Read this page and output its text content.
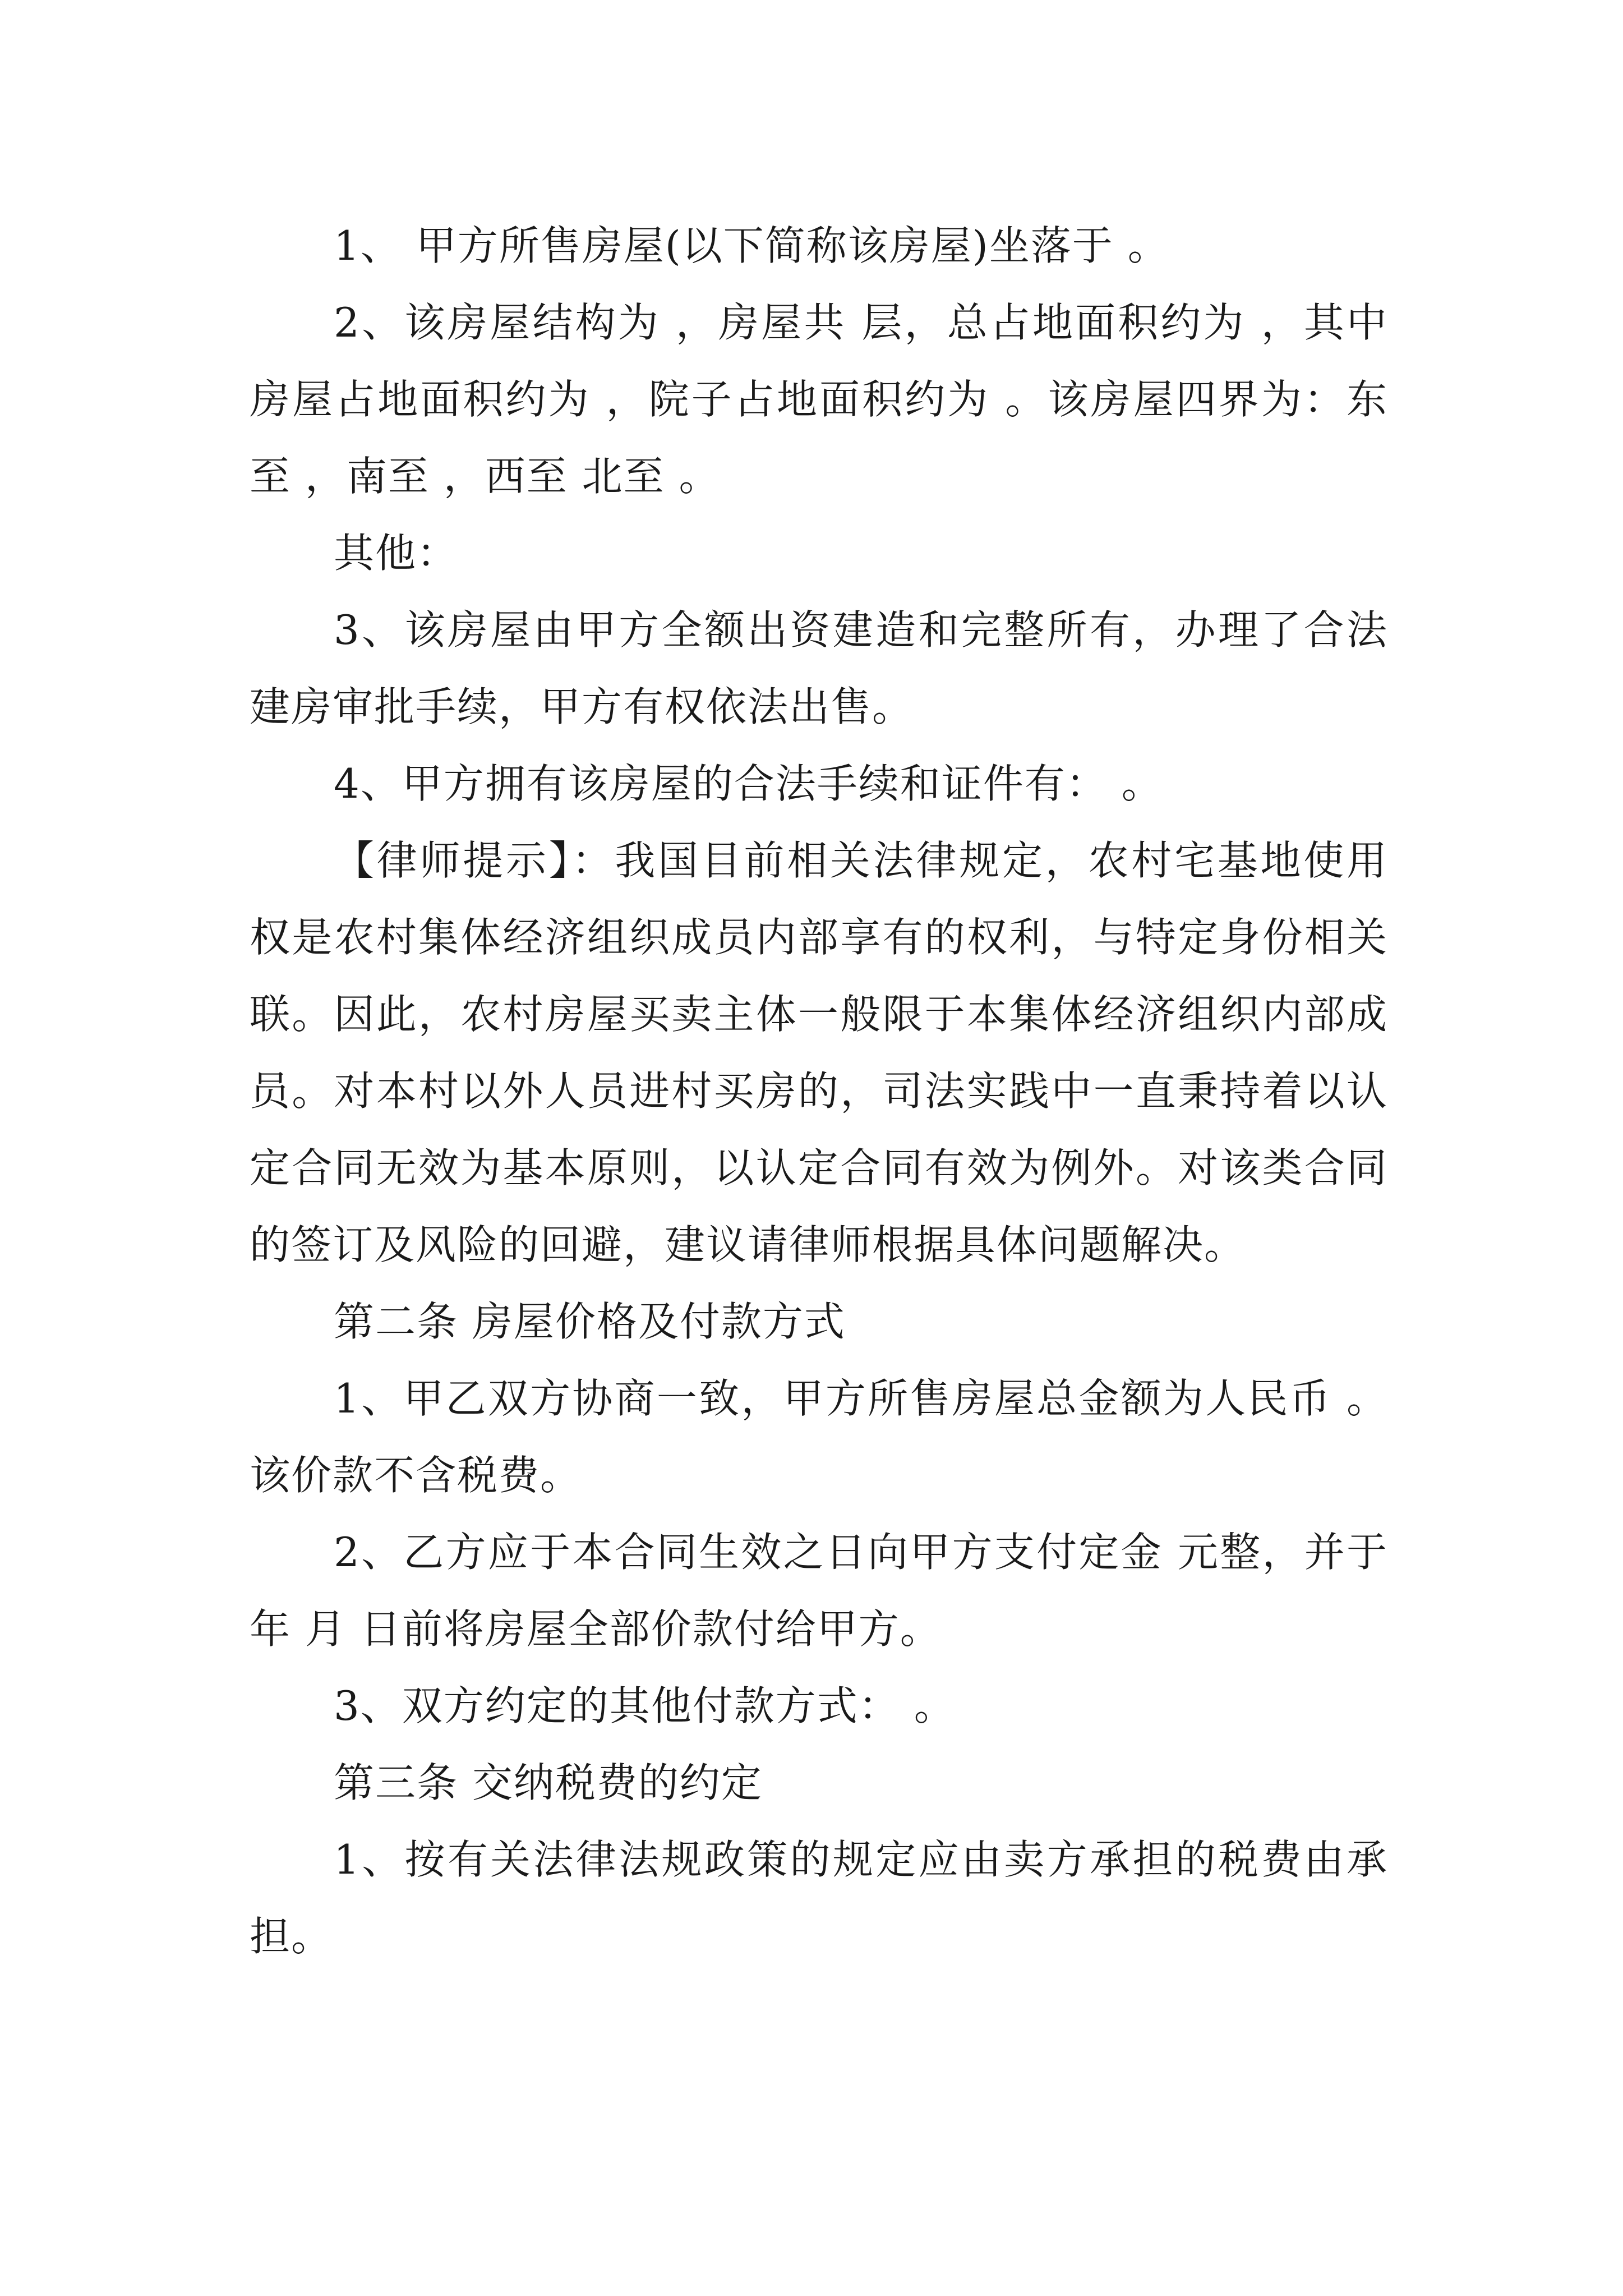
1、 甲方所售房屋(以下简称该房屋)坐落于 。

2、该房屋结构为 ，房屋共 层，总占地面积约为 ，其中房屋占地面积约为 ，院子占地面积约为 。该房屋四界为：东至 ，南至 ，西至 北至 。

其他：

3、该房屋由甲方全额出资建造和完整所有，办理了合法建房审批手续，甲方有权依法出售。

4、甲方拥有该房屋的合法手续和证件有： 。

【律师提示】：我国目前相关法律规定，农村宅基地使用权是农村集体经济组织成员内部享有的权利，与特定身份相关联。因此，农村房屋买卖主体一般限于本集体经济组织内部成员。对本村以外人员进村买房的，司法实践中一直秉持着以认定合同无效为基本原则，以认定合同有效为例外。对该类合同的签订及风险的回避，建议请律师根据具体问题解决。

第二条 房屋价格及付款方式

1、甲乙双方协商一致，甲方所售房屋总金额为人民币 。该价款不含税费。

2、乙方应于本合同生效之日向甲方支付定金 元整，并于 年 月 日前将房屋全部价款付给甲方。

3、双方约定的其他付款方式： 。

第三条 交纳税费的约定

1、按有关法律法规政策的规定应由卖方承担的税费由承担。
